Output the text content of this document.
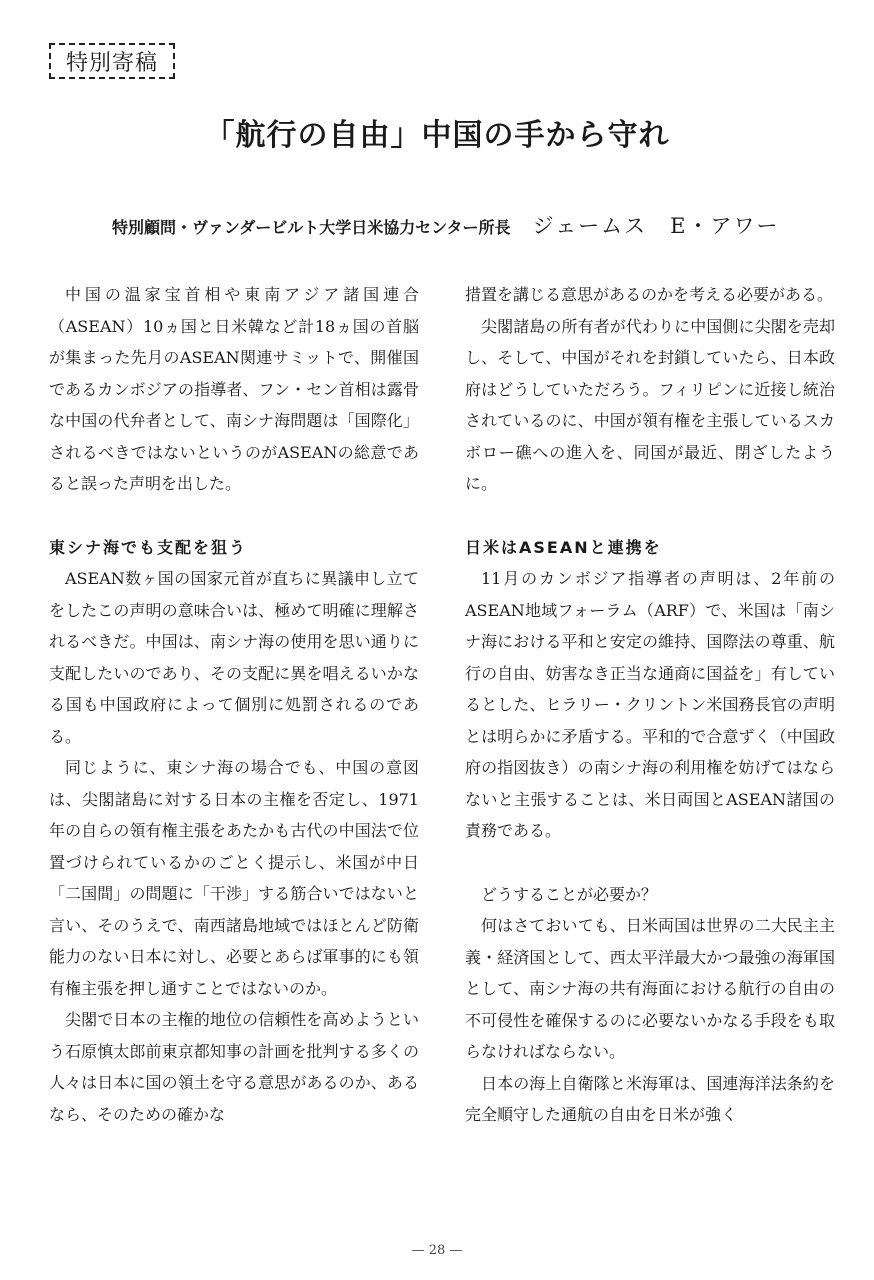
特別寄稿
「航行の自由」中国の手から守れ
特別顧問・ヴァンダービルト大学日米協力センター所長 ジェームス　E・アワー

中国の温家宝首相や東南アジア諸国連合（ASEAN）10ヵ国と日米韓など計18ヵ国の首脳が集まった先月のASEAN関連サミットで、開催国であるカンボジアの指導者、フン・セン首相は露骨な中国の代弁者として、南シナ海問題は「国際化」されるべきではないというのがASEANの総意であると誤った声明を出した。

東シナ海でも支配を狙う

ASEAN数ヶ国の国家元首が直ちに異議申し立てをしたこの声明の意味合いは、極めて明確に理解されるべきだ。中国は、南シナ海の使用を思い通りに支配したいのであり、その支配に異を唱えるいかなる国も中国政府によって個別に処罰されるのである。

同じように、東シナ海の場合でも、中国の意図は、尖閣諸島に対する日本の主権を否定し、1971年の自らの領有権主張をあたかも古代の中国法で位置づけられているかのごとく提示し、米国が中日「二国間」の問題に「干渉」する筋合いではないと言い、そのうえで、南西諸島地域ではほとんど防衛能力のない日本に対し、必要とあらば軍事的にも領有権主張を押し通すことではないのか。

尖閣で日本の主権的地位の信頼性を高めようという石原慎太郎前東京都知事の計画を批判する多くの人々は日本に国の領土を守る意思があるのか、あるなら、そのための確かな

措置を講じる意思があるのかを考える必要がある。

尖閣諸島の所有者が代わりに中国側に尖閣を売却し、そして、中国がそれを封鎖していたら、日本政府はどうしていただろう。フィリピンに近接し統治されているのに、中国が領有権を主張しているスカボロー礁への進入を、同国が最近、閉ざしたように。

日米はASEANと連携を

11月のカンボジア指導者の声明は、2年前のASEAN地域フォーラム（ARF）で、米国は「南シナ海における平和と安定の維持、国際法の尊重、航行の自由、妨害なき正当な通商に国益を」有しているとした、ヒラリー・クリントン米国務長官の声明とは明らかに矛盾する。平和的で合意ずく（中国政府の指図抜き）の南シナ海の利用権を妨げてはならないと主張することは、米日両国とASEAN諸国の責務である。

どうすることが必要か？

何はさておいても、日米両国は世界の二大民主主義・経済国として、西太平洋最大かつ最強の海軍国として、南シナ海の共有海面における航行の自由の不可侵性を確保するのに必要ないかなる手段をも取らなければならない。

日本の海上自衛隊と米海軍は、国連海洋法条約を完全順守した通航の自由を日米が強く

— 28 —
